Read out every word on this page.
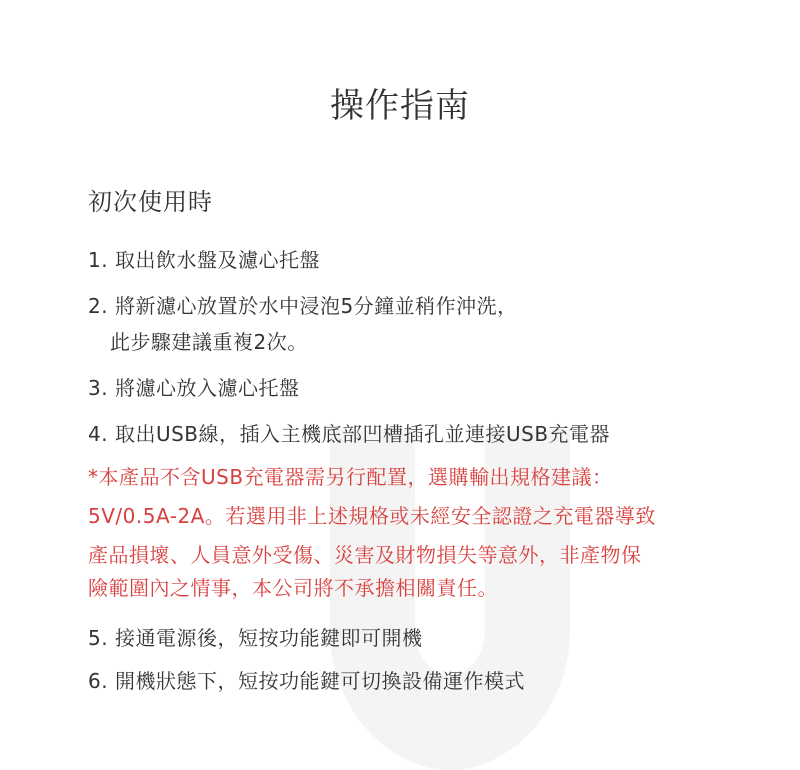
操作指南
初次使用時
1. 取出飲水盤及濾心托盤
2. 將新濾心放置於水中浸泡5分鐘並稍作沖洗，
此步驟建議重複2次。
3. 將濾心放入濾心托盤
4. 取出USB線，插入主機底部凹槽插孔並連接USB充電器
*本產品不含USB充電器需另行配置，選購輸出規格建議：
5V/0.5A-2A。若選用非上述規格或未經安全認證之充電器導致
產品損壞、人員意外受傷、災害及財物損失等意外，非產物保
險範圍內之情事，本公司將不承擔相關責任。
5. 接通電源後，短按功能鍵即可開機
6. 開機狀態下，短按功能鍵可切換設備運作模式
